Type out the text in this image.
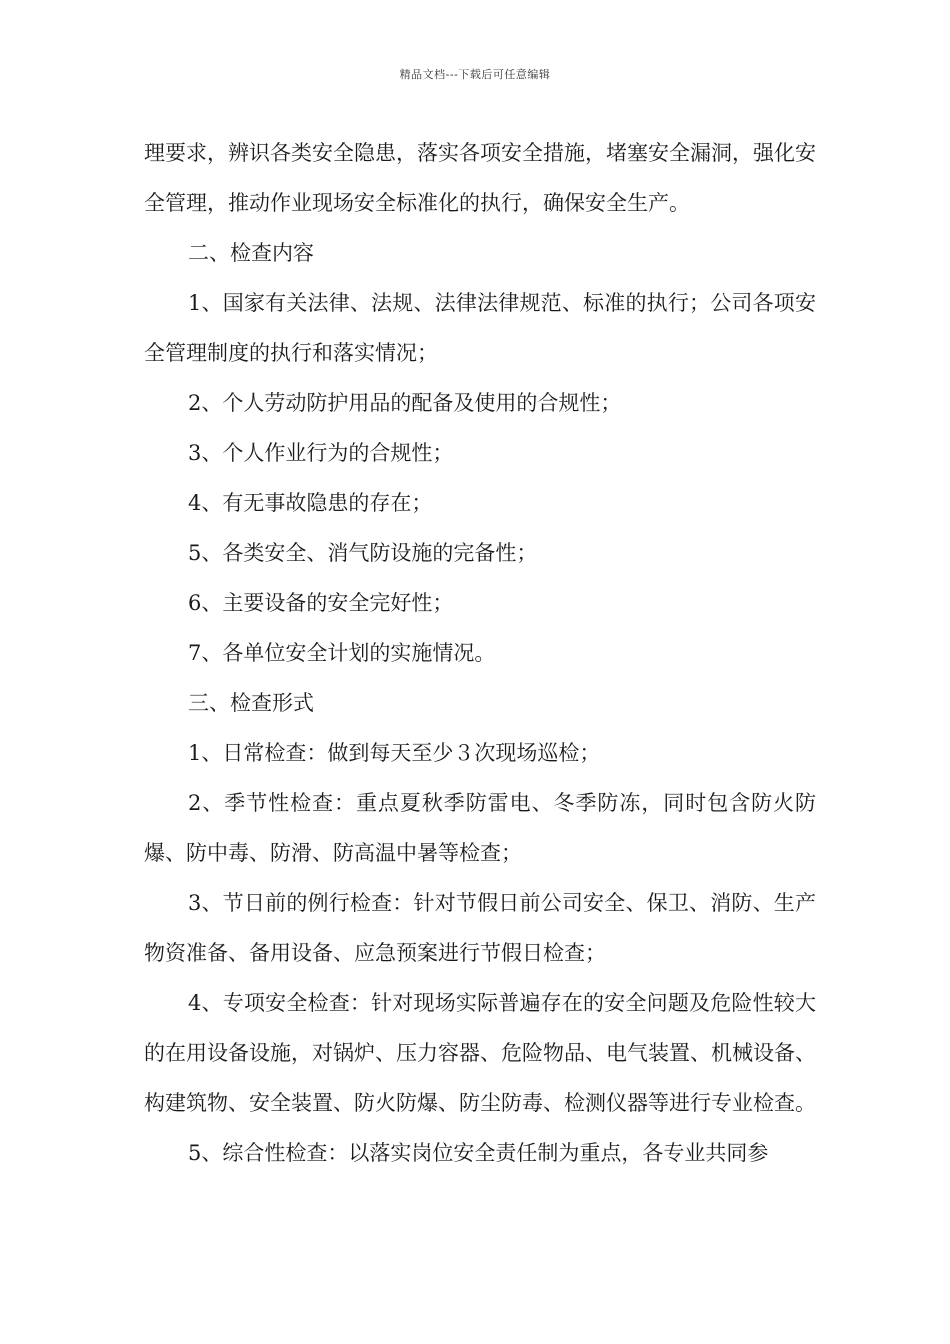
精品文档---下载后可任意编辑

理要求，辨识各类安全隐患，落实各项安全措施，堵塞安全漏洞，强化安全管理，推动作业现场安全标准化的执行，确保安全生产。

二、检查内容

1、国家有关法律、法规、法律法律规范、标准的执行；公司各项安全管理制度的执行和落实情况；

2、个人劳动防护用品的配备及使用的合规性；

3、个人作业行为的合规性；

4、有无事故隐患的存在；

5、各类安全、消气防设施的完备性；

6、主要设备的安全完好性；

7、各单位安全计划的实施情况。

三、检查形式

1、日常检查：做到每天至少３次现场巡检；

2、季节性检查：重点夏秋季防雷电、冬季防冻，同时包含防火防爆、防中毒、防滑、防高温中暑等检查；

3、节日前的例行检查：针对节假日前公司安全、保卫、消防、生产物资准备、备用设备、应急预案进行节假日检查；

4、专项安全检查：针对现场实际普遍存在的安全问题及危险性较大的在用设备设施，对锅炉、压力容器、危险物品、电气装置、机械设备、构建筑物、安全装置、防火防爆、防尘防毒、检测仪器等进行专业检查。

5、综合性检查：以落实岗位安全责任制为重点，各专业共同参
